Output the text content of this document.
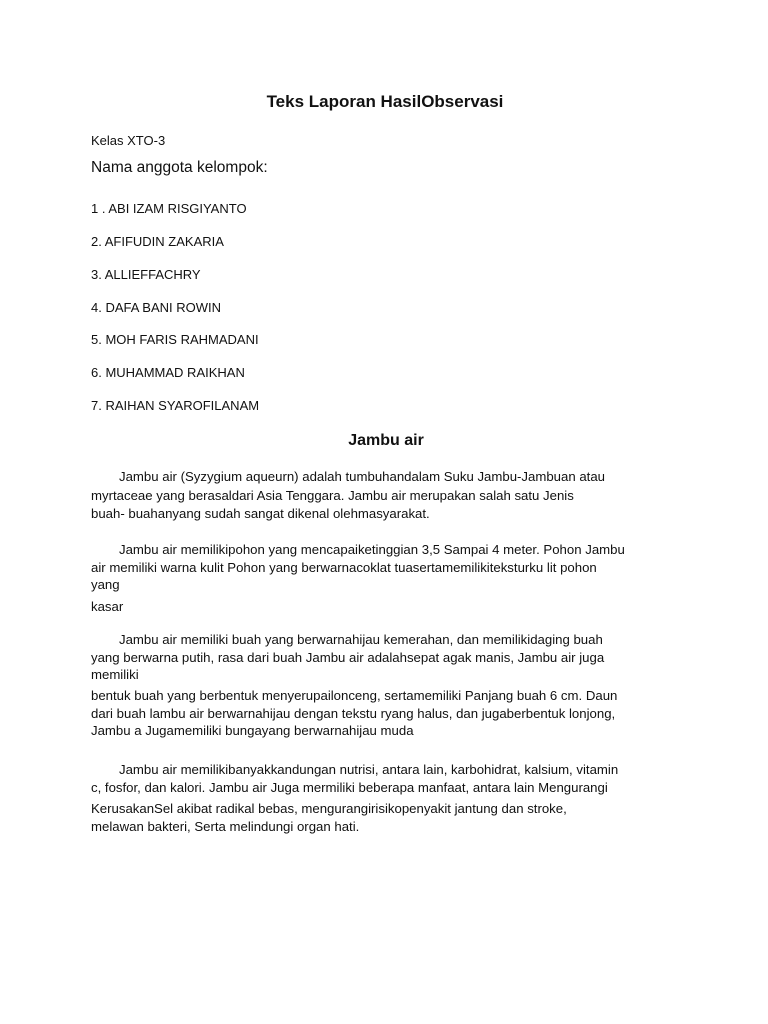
Teks Laporan HasilObservasi
Kelas XTO-3
Nama anggota kelompok:
1 . ABI IZAM RISGIYANTO
2. AFIFUDIN ZAKARIA
3. ALLIEFFACHRY
4. DAFA BANI ROWIN
5. MOH FARIS RAHMADANI
6. MUHAMMAD RAIKHAN
7. RAIHAN SYAROFILANAM
Jambu air
Jambu air (Syzygium aqueurn) adalah tumbuhandalam Suku Jambu-Jambuan atau
myrtaceae yang berasaldari Asia Tenggara. Jambu air merupakan salah satu Jenis
buah- buahanyang sudah sangat dikenal olehmasyarakat.
Jambu air memilikipohon yang mencapaiketinggian 3,5 Sampai 4 meter. Pohon Jambu
air memiliki warna kulit Pohon yang berwarnacoklat tuasertamemilikiteksturku lit pohon
yang
kasar
Jambu air memiliki buah yang berwarnahijau kemerahan, dan memilikidaging buah
yang berwarna putih, rasa dari buah Jambu air adalahsepat agak manis, Jambu air juga
memiliki
bentuk buah yang berbentuk menyerupailonceng, sertamemiliki Panjang buah 6 cm. Daun
dari buah lambu air berwarnahijau dengan tekstu ryang halus, dan jugaberbentuk lonjong,
Jambu a Jugamemiliki bungayang berwarnahijau muda
Jambu air memilikibanyakkandungan nutrisi, antara lain, karbohidrat, kalsium, vitamin
c, fosfor, dan kalori. Jambu air Juga mermiliki beberapa manfaat, antara lain Mengurangi
KerusakanSel akibat radikal bebas, mengurangirisikopenyakit jantung dan stroke,
melawan bakteri, Serta melindungi organ hati.
